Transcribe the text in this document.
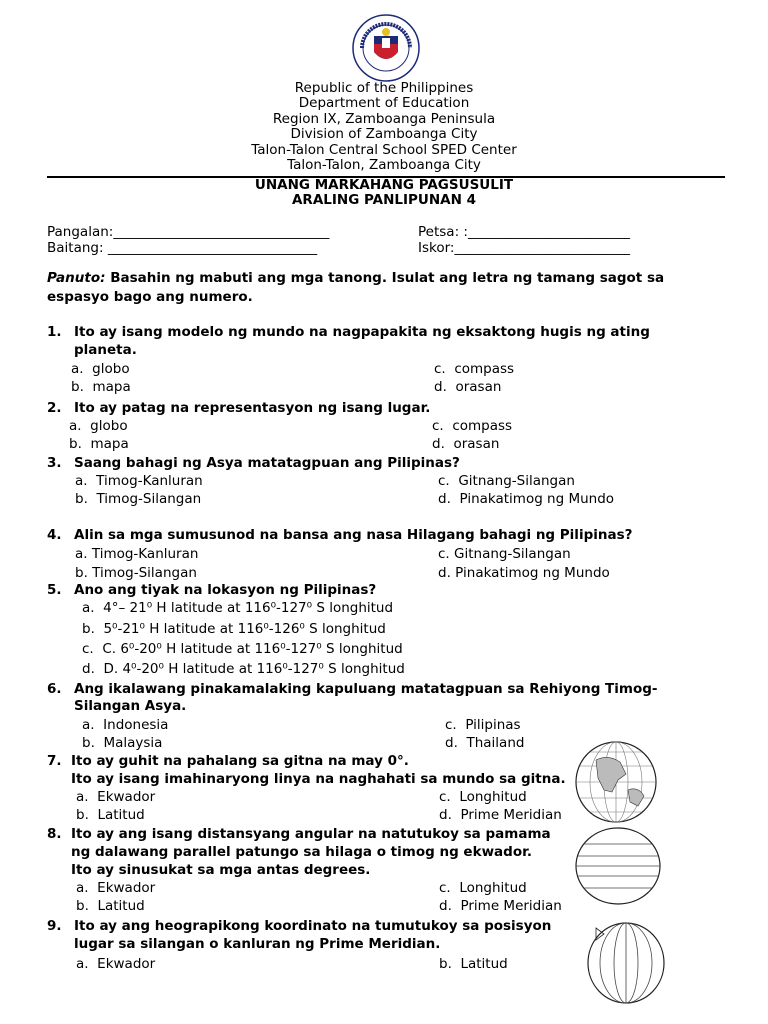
Republic of the Philippines
Department of Education
Region IX, Zamboanga Peninsula
Division of Zamboanga City
Talon-Talon Central School SPED Center
Talon-Talon, Zamboanga City
UNANG MARKAHANG PAGSUSULIT
ARALING PANLIPUNAN 4
Pangalan:________________________________	Petsa: :________________________
Baitang: _______________________________	Iskor:__________________________
Panuto: Basahin ng mabuti ang mga tanong. Isulat ang letra ng tamang sagot sa
espasyo bago ang numero.
1. Ito ay isang modelo ng mundo na nagpapakita ng eksaktong hugis ng ating
planeta.
a. globo	c. compass
b. mapa	d. orasan
2. Ito ay patag na representasyon ng isang lugar.
a. globo	c. compass
b. mapa	d. orasan
3. Saang bahagi ng Asya matatagpuan ang Pilipinas?
a. Timog-Kanluran	c. Gitnang-Silangan
b. Timog-Silangan	d. Pinakatimog ng Mundo
4. Alin sa mga sumusunod na bansa ang nasa Hilagang bahagi ng Pilipinas?
a. Timog-Kanluran	c. Gitnang-Silangan
b. Timog-Silangan	d. Pinakatimog ng Mundo
5. Ano ang tiyak na lokasyon ng Pilipinas?
a. 4°– 21⁰ H latitude at 116⁰-127⁰ S longhitud
b. 5⁰-21⁰ H latitude at 116⁰-126⁰ S longhitud
c. C. 6⁰-20⁰ H latitude at 116⁰-127⁰ S longhitud
d. D. 4⁰-20⁰ H latitude at 116⁰-127⁰ S longhitud
6. Ang ikalawang pinakamalaking kapuluang matatagpuan sa Rehiyong Timog-
Silangan Asya.
a. Indonesia	c. Pilipinas
b. Malaysia	d. Thailand
7. Ito ay guhit na pahalang sa gitna na may 0°.
Ito ay isang imahinaryong linya na naghahati sa mundo sa gitna.
a. Ekwador	c. Longhitud
b. Latitud	d. Prime Meridian
8. Ito ay ang isang distansyang angular na natutukoy sa pamama
ng dalawang parallel patungo sa hilaga o timog ng ekwador.
Ito ay sinusukat sa mga antas degrees.
a. Ekwador	c. Longhitud
b. Latitud	d. Prime Meridian
9. Ito ay ang heograpikong koordinato na tumutukoy sa posisyon
lugar sa silangan o kanluran ng Prime Meridian.
a. Ekwador	b. Latitud
